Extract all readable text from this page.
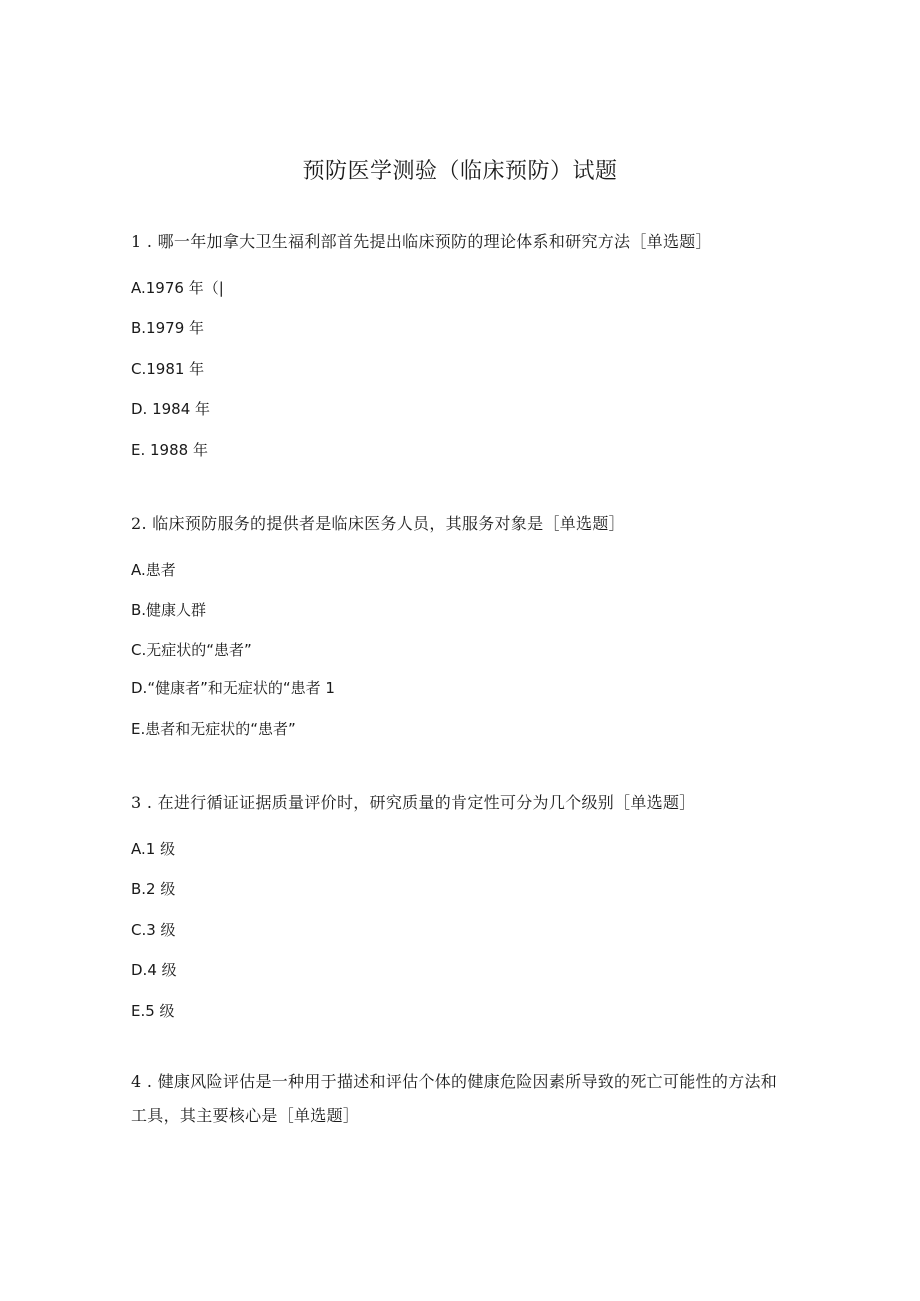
预防医学测验（临床预防）试题
1 . 哪一年加拿大卫生福利部首先提出临床预防的理论体系和研究方法［单选题］
A.1976 年（|
B.1979 年
C.1981 年
D. 1984 年
E. 1988 年
2. 临床预防服务的提供者是临床医务人员，其服务对象是［单选题］
A.患者
B.健康人群
C.无症状的“患者”
D.“健康者”和无症状的“患者 1
E.患者和无症状的“患者”
3 . 在进行循证证据质量评价时，研究质量的肯定性可分为几个级别［单选题］
A.1 级
B.2 级
C.3 级
D.4 级
E.5 级
4 . 健康风险评估是一种用于描述和评估个体的健康危险因素所导致的死亡可能性的方法和工具，其主要核心是［单选题］
